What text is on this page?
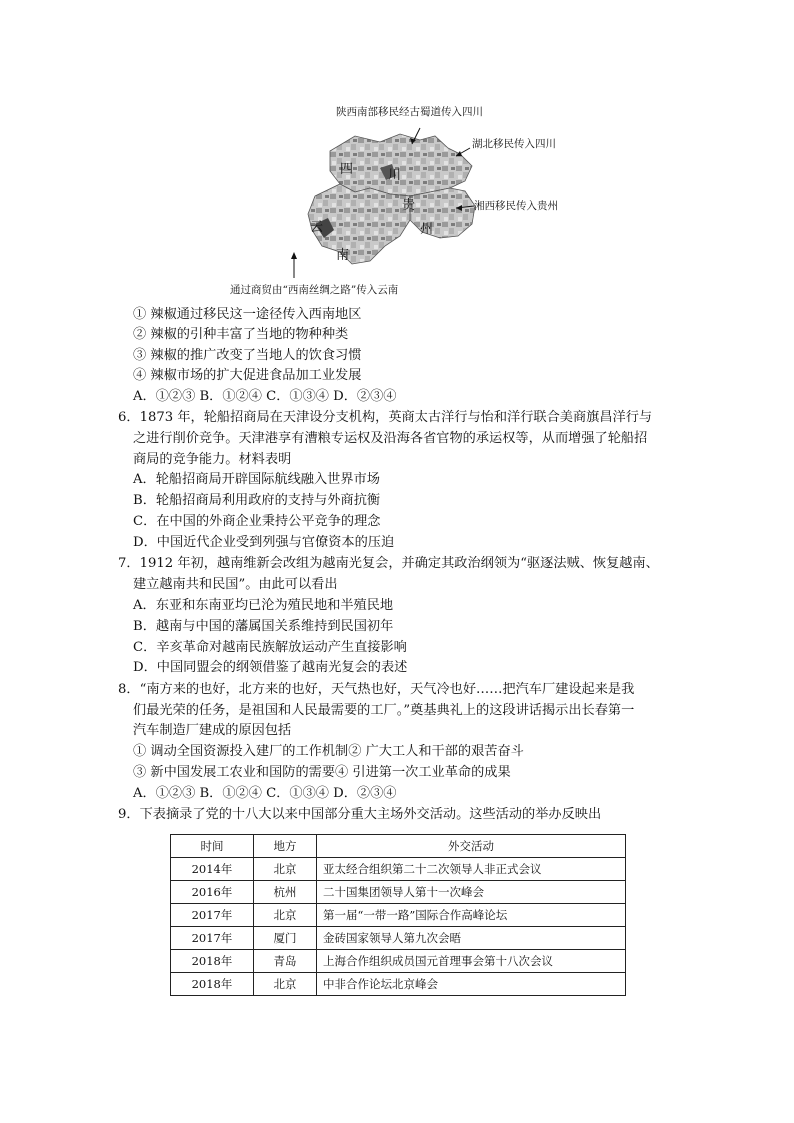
陕西南部移民经古蜀道传入四川
湖北移民传入四川
湘西移民传入贵州
通过商贸由“西南丝绸之路”传入云南
四	川
贵
州
云
南
① 辣椒通过移民这一途径传入西南地区
② 辣椒的引种丰富了当地的物种种类
③ 辣椒的推广改变了当地人的饮食习惯
④ 辣椒市场的扩大促进食品加工业发展
A．①②③ B．①②④ C．①③④ D．②③④
6．1873 年，轮船招商局在天津设分支机构，英商太古洋行与怡和洋行联合美商旗昌洋行与
之进行削价竞争。天津港享有漕粮专运权及沿海各省官物的承运权等，从而增强了轮船招
商局的竞争能力。材料表明
A．轮船招商局开辟国际航线融入世界市场
B．轮船招商局利用政府的支持与外商抗衡
C．在中国的外商企业秉持公平竞争的理念
D．中国近代企业受到列强与官僚资本的压迫
7．1912 年初，越南维新会改组为越南光复会，并确定其政治纲领为“驱逐法贼、恢复越南、
建立越南共和民国”。由此可以看出
A．东亚和东南亚均已沦为殖民地和半殖民地
B．越南与中国的藩属国关系维持到民国初年
C．辛亥革命对越南民族解放运动产生直接影响
D．中国同盟会的纲领借鉴了越南光复会的表述
8．“南方来的也好，北方来的也好，天气热也好，天气冷也好……把汽车厂建设起来是我
们最光荣的任务，是祖国和人民最需要的工厂。”奠基典礼上的这段讲话揭示出长春第一
汽车制造厂建成的原因包括
① 调动全国资源投入建厂的工作机制② 广大工人和干部的艰苦奋斗
③ 新中国发展工农业和国防的需要④ 引进第一次工业革命的成果
A．①②③ B．①②④ C．①③④ D．②③④
9．下表摘录了党的十八大以来中国部分重大主场外交活动。这些活动的举办反映出
时间	地方	外交活动
2014年	北京	亚太经合组织第二十二次领导人非正式会议
2016年	杭州	二十国集团领导人第十一次峰会
2017年	北京	第一届“一带一路”国际合作高峰论坛
2017年	厦门	金砖国家领导人第九次会晤
2018年	青岛	上海合作组织成员国元首理事会第十八次会议
2018年	北京	中非合作论坛北京峰会
